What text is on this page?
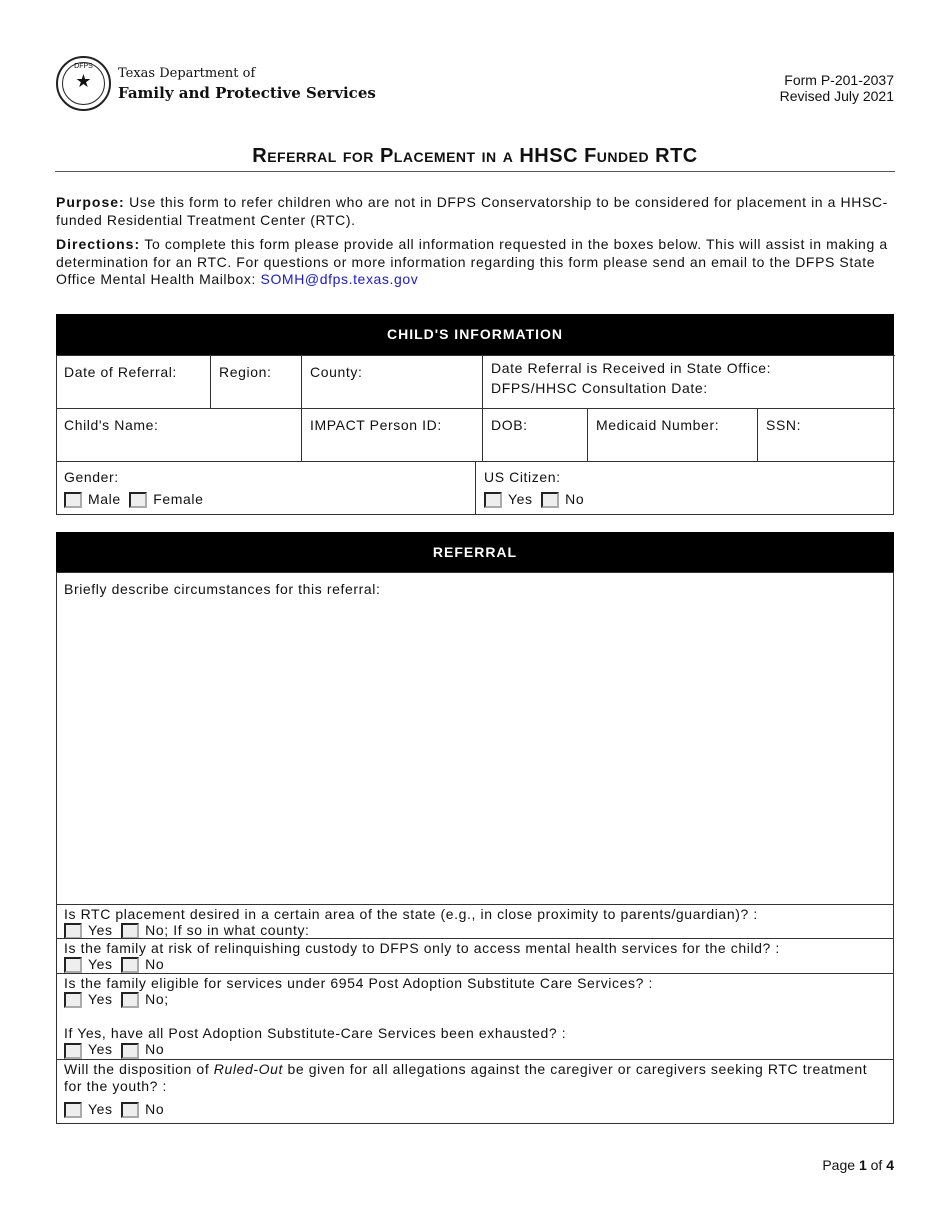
DFPS
★	Texas Department of
Family and Protective Services
Form P-201-2037
Revised July 2021
Referral for Placement in a HHSC Funded RTC
Purpose: Use this form to refer children who are not in DFPS Conservatorship to be considered for placement in a HHSC-funded Residential Treatment Center (RTC).
Directions: To complete this form please provide all information requested in the boxes below. This will assist in making a determination for an RTC. For questions or more information regarding this form please send an email to the DFPS State Office Mental Health Mailbox: SOMH@dfps.texas.gov
CHILD'S INFORMATION
Date of Referral:	Region:	County:	Date Referral is Received in State Office:
DFPS/HHSC Consultation Date:
Child's Name:	IMPACT Person ID:	DOB:	Medicaid Number:	SSN:
Gender:
Male Female
US Citizen:
Yes No
REFERRAL
Briefly describe circumstances for this referral:
Is RTC placement desired in a certain area of the state (e.g., in close proximity to parents/guardian)? :
Yes No; If so in what county:
Is the family at risk of relinquishing custody to DFPS only to access mental health services for the child? :
Yes No
Is the family eligible for services under 6954 Post Adoption Substitute Care Services? :
Yes No;
If Yes, have all Post Adoption Substitute-Care Services been exhausted? :
Yes No
Will the disposition of Ruled-Out be given for all allegations against the caregiver or caregivers seeking RTC treatment for the youth? :
Yes No
Page 1 of 4
